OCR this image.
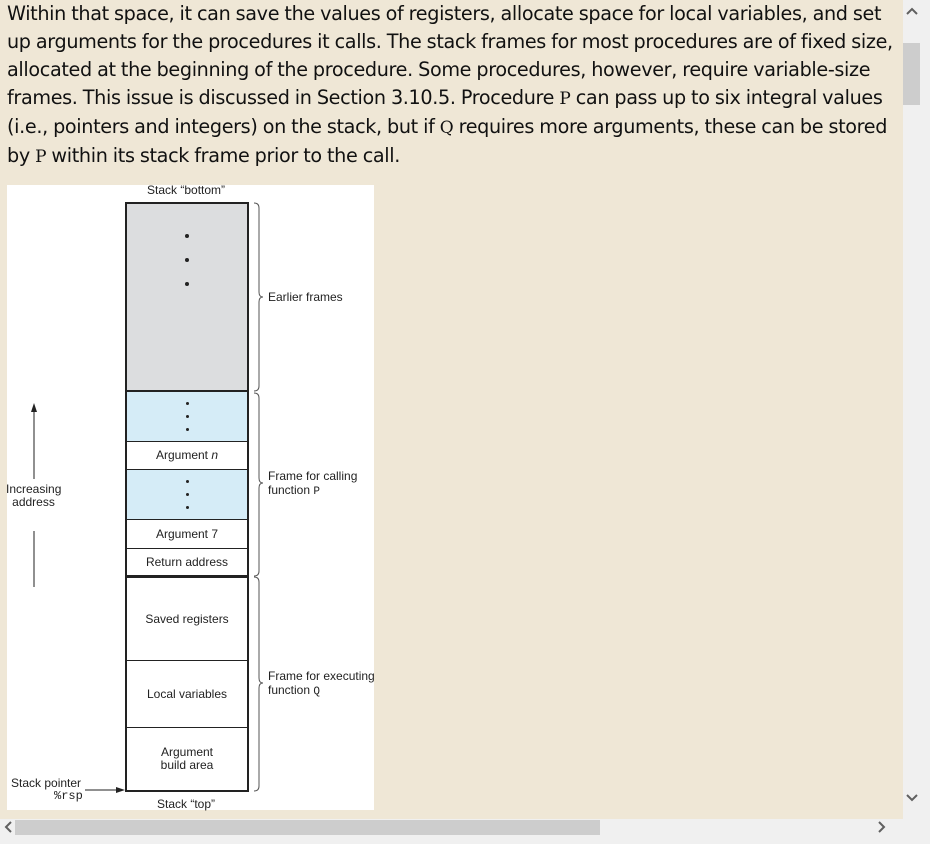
Within that space, it can save the values of registers, allocate space for local variables, and set
up arguments for the procedures it calls. The stack frames for most procedures are of fixed size,
allocated at the beginning of the procedure. Some procedures, however, require variable-size
frames. This issue is discussed in Section 3.10.5. Procedure P can pass up to six integral values
(i.e., pointers and integers) on the stack, but if Q requires more arguments, these can be stored
by P within its stack frame prior to the call.
Stack “bottom”
Argument n
Argument 7
Return address
Saved registers
Local variables
Argument
build area
Stack “top”
Increasing
address
Stack pointer
%rsp
Earlier frames
Frame for calling
function P
Frame for executing
function Q
